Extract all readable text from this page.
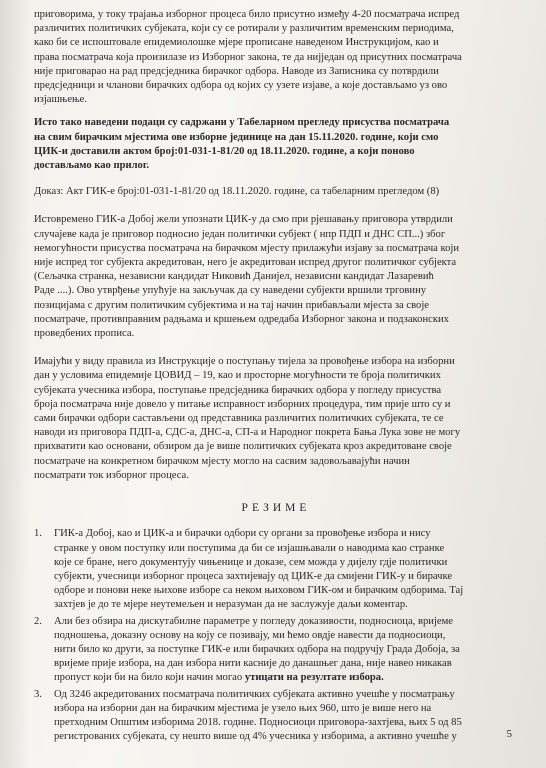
приговорима, у току трајања изборног процеса било присутно између 4-20 посматрача испред
различитих политичких субјеката, који су се ротирали у различитим временским периодима,
како би се испоштовале епидемиолошке мјере прописане наведеном Инструкцијом, као и
права посматрача која произилазе из Изборног закона, те да нијједан од присутних посматрача
није приговарао на рад предсједника бирачког одбора. Наводе из Записника су потврдили
предсједници и чланови бирачких одбора од којих су узете изјаве, а које достављамо уз ово
изјашњење.
Исто тако наведени подаци су садржани у Табеларном прегледу присуства посматрача
на свим бирачким мјестима ове изборне јединице на дан 15.11.2020. године, који смо
ЦИК-и доставили актом број:01-031-1-81/20 од 18.11.2020. године, а који поново
достављамо као прилог.
Доказ: Акт ГИК-е број:01-031-1-81/20 од 18.11.2020. године, са табеларним прегледом (8)
Истовремено ГИК-а Добој жели упознати ЦИК-у да смо при рјешавању приговора утврдили
случајеве када је приговор подносио један политички субјект ( нпр ПДП и ДНС СП...) због
немогућности присуства посматрача на бирачком мјесту прилажући изјаву за посматрача који
није испред тог субјекта акредитован, него је акредитован испред другог политичког субјекта
(Сељачка странка, независни кандидат Никовић Данијел, независни кандидат Лазаревић
Раде ....). Ово утврђење упућује на закључак да су наведени субјекти вршили трговину
позицијама с другим политичким субјектима и на тај начин прибављали мјеста за своје
посматраче, противправним радњама и кршењем одредаба Изборног закона и подзаконских
проведбених прописа.
Имајући у виду правила из Инструкције о поступању тијела за провођење избора на изборни
дан у условима епидемије ЦОВИД – 19, као и просторне могућности те броја политичких
субјеката учесника избора, поступање предсједника бирачких одбора у погледу присуства
броја посматрача није довело у питање исправност изборних процедура, тим прије што су и
сами бирачки одбори састављени од представника различитих политичких субјеката, те се
наводи из приговора ПДП-а, СДС-а, ДНС-а, СП-а и Народног покрета Бања Лука зове не могу
прихватити као основани, обзиром да је више политичких субјеката кроз акредитоване своје
посматраче на конкретном бирачком мјесту могло на сасвим задовољавајући начин
посматрати ток изборног процеса.
РЕЗИМЕ
1. ГИК-а Добој, као и ЦИК-а и бирачки одбори су органи за провођење избора и нису
странке у овом поступку или поступима да би се изјашњавали о наводима као странке
које се бране, него документују чињенице и доказе, сем можда у дијелу гдје политички
субјекти, учесници изборног процеса захтијевају од ЦИК-е да смијени ГИК-у и бирачке
одборе и понови неке њихове изборе са неком њиховом ГИК-ом и бирачким одборима. Тај
захтјев је до те мјере неутемељен и неразуман да не заслужује даљи коментар.
2. Али без обзира на дискутабилне параметре у погледу доказивости, подносиоца, вријеме
подношења, доказну основу на коју се позивају, ми ћемо овдје навести да подносиоци,
нити било ко други, за поступке ГИК-е или бирачких одбора на подручју Града Добоја, за
вријеме прије избора, на дан избора нити касније до данашњег дана, није навео никакав
пропуст који би на било који начин могао утицати на резултате избора.
3. Од 3246 акредитованих посматрача политичких субјеката активно учешће у посматрању
избора на изборни дан на бирачким мјестима је узело њих 960, што је више него на
претходним Општим изборима 2018. године. Подносиоци приговора-захтјева, њих 5 од 85
регистрованих субјеката, су нешто више од 4% учесника у изборима, а активно учешће у	5
